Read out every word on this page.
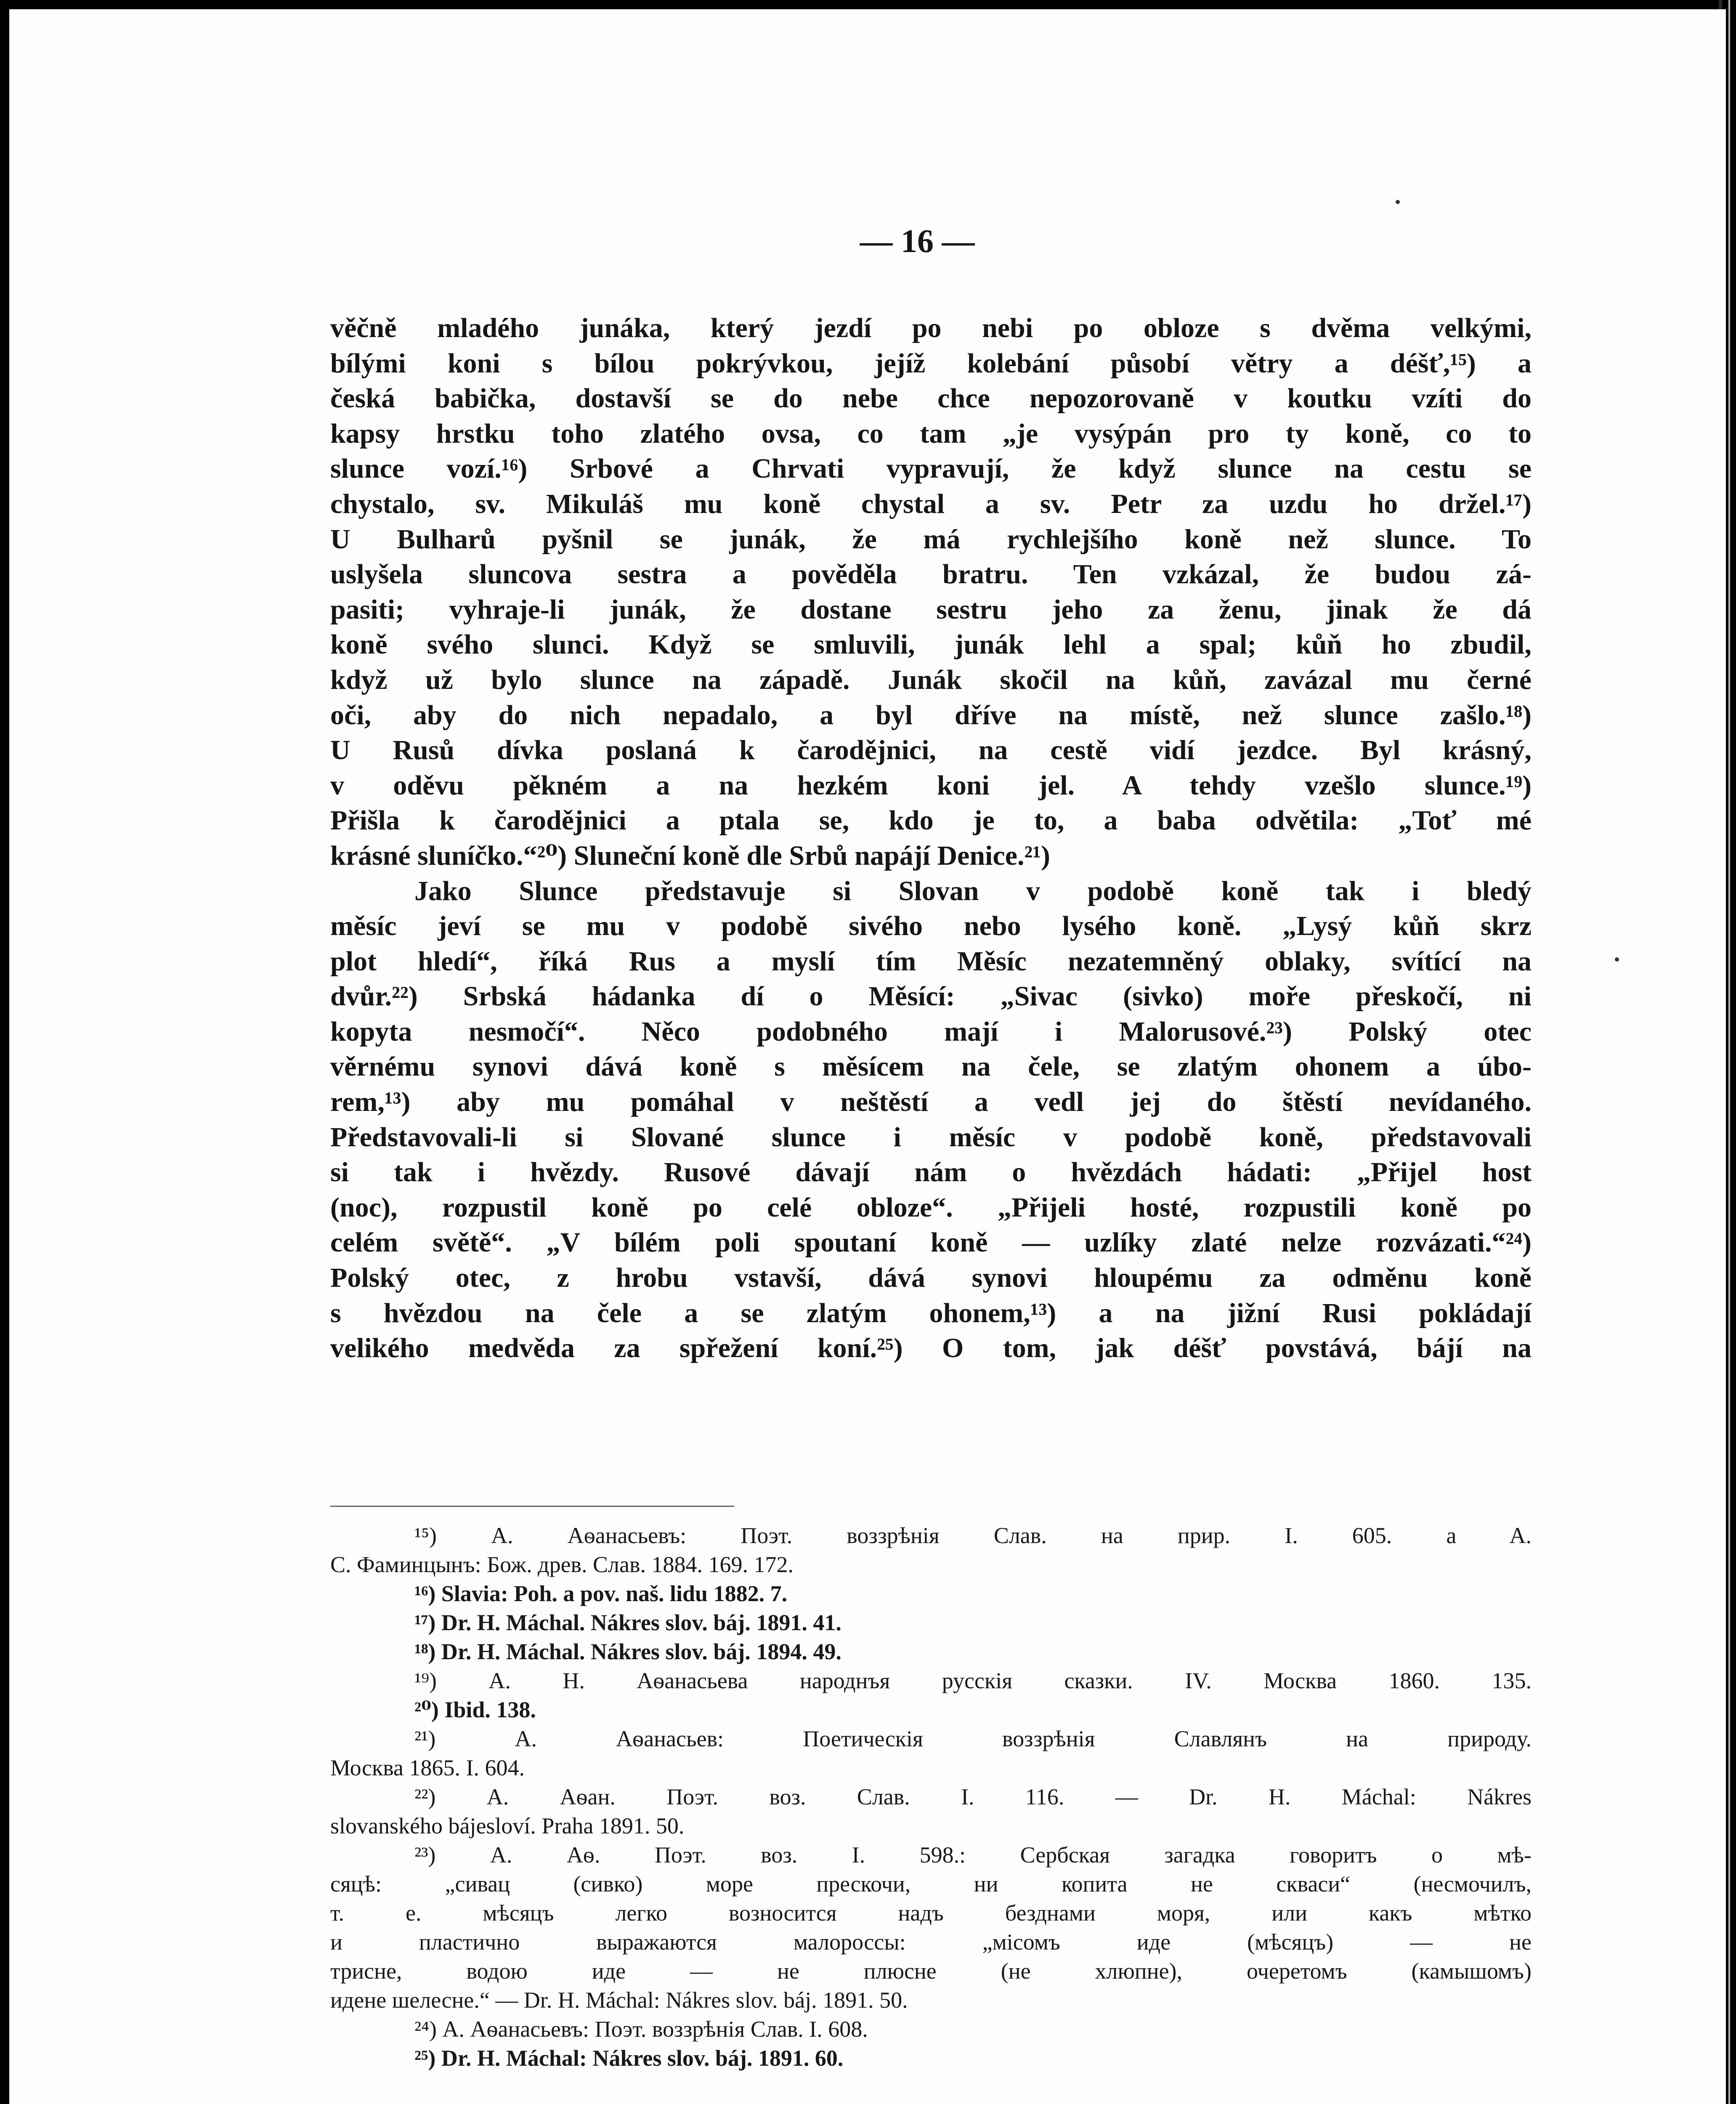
— 16 —
věčně mladého junáka, který jezdí po nebi po obloze s dvěma velkými,
bílými koni s bílou pokrývkou, jejíž kolebání působí větry a déšť,¹⁵) a
česká babička, dostavší se do nebe chce nepozorovaně v koutku vzíti do
kapsy hrstku toho zlatého ovsa, co tam „je vysýpán pro ty koně, co to
slunce vozí.¹⁶) Srbové a Chrvati vypravují, že když slunce na cestu se
chystalo, sv. Mikuláš mu koně chystal a sv. Petr za uzdu ho držel.¹⁷)
U Bulharů pyšnil se junák, že má rychlejšího koně než slunce. To
uslyšela sluncova sestra a pověděla bratru. Ten vzkázal, že budou zá-
pasiti; vyhraje-li junák, že dostane sestru jeho za ženu, jinak že dá
koně svého slunci. Když se smluvili, junák lehl a spal; kůň ho zbudil,
když už bylo slunce na západě. Junák skočil na kůň, zavázal mu černé
oči, aby do nich nepadalo, a byl dříve na místě, než slunce zašlo.¹⁸)
U Rusů dívka poslaná k čarodějnici, na cestě vidí jezdce. Byl krásný,
v oděvu pěkném a na hezkém koni jel. A tehdy vzešlo slunce.¹⁹)
Přišla k čarodějnici a ptala se, kdo je to, a baba odvětila: „Toť mé
krásné sluníčko.“²⁰) Sluneční koně dle Srbů napájí Denice.²¹)
Jako Slunce představuje si Slovan v podobě koně tak i bledý
měsíc jeví se mu v podobě sivého nebo lysého koně. „Lysý kůň skrz
plot hledí“, říká Rus a myslí tím Měsíc nezatemněný oblaky, svítící na
dvůr.²²) Srbská hádanka dí o Měsící: „Sivac (sivko) moře přeskočí, ni
kopyta nesmočí“. Něco podobného mají i Malorusové.²³) Polský otec
věrnému synovi dává koně s měsícem na čele, se zlatým ohonem a úbo-
rem,¹³) aby mu pomáhal v neštěstí a vedl jej do štěstí nevídaného.
Představovali-li si Slované slunce i měsíc v podobě koně, představovali
si tak i hvězdy. Rusové dávají nám o hvězdách hádati: „Přijel host
(noc), rozpustil koně po celé obloze“. „Přijeli hosté, rozpustili koně po
celém světě“. „V bílém poli spoutaní koně — uzlíky zlaté nelze rozvázati.“²⁴)
Polský otec, z hrobu vstavší, dává synovi hloupému za odměnu koně
s hvězdou na čele a se zlatým ohonem,¹³) a na jižní Rusi pokládají
velikého medvěda za spřežení koní.²⁵) O tom, jak déšť povstává, bájí na
¹⁵) А. Аѳанасьевъ: Поэт. воззрѣнія Слав. на прир. I. 605. a A.
С. Фаминцынъ: Бож. древ. Слав. 1884. 169. 172.
¹⁶) Slavia: Poh. a pov. naš. lidu 1882. 7.
¹⁷) Dr. H. Máchal. Nákres slov. báj. 1891. 41.
¹⁸) Dr. H. Máchal. Nákres slov. báj. 1894. 49.
¹⁹) А. Н. Аѳанасьева народнъя русскія сказки. IV. Москва 1860. 135.
²⁰) Ibid. 138.
²¹) А. Аѳанасьев: Поетическія воззрѣнія Славлянъ на природу.
Москва 1865. I. 604.
²²) А. Аѳан. Поэт. воз. Слав. I. 116. — Dr. H. Máchal: Nákres
slovanského bájesloví. Praha 1891. 50.
²³) А. Аѳ. Поэт. воз. I. 598.: Сербская загадка говоритъ о мѣ-
сяцѣ: „сивац (сивко) море прескочи, ни копита не скваси“ (несмочилъ,
т. е. мѣсяцъ легко возносится надъ безднами моря, или какъ мѣтко
и пластично выражаются малороссы: „місомъ иде (мѣсяцъ) — не
триснe, водою иде — не плюснe (не хлюпне), очеретомъ (камышомъ)
идене шелесне.“ — Dr. H. Máchal: Nákres slov. báj. 1891. 50.
²⁴) А. Аѳанасьевъ: Поэт. воззрѣнія Слав. I. 608.
²⁵) Dr. H. Máchal: Nákres slov. báj. 1891. 60.
